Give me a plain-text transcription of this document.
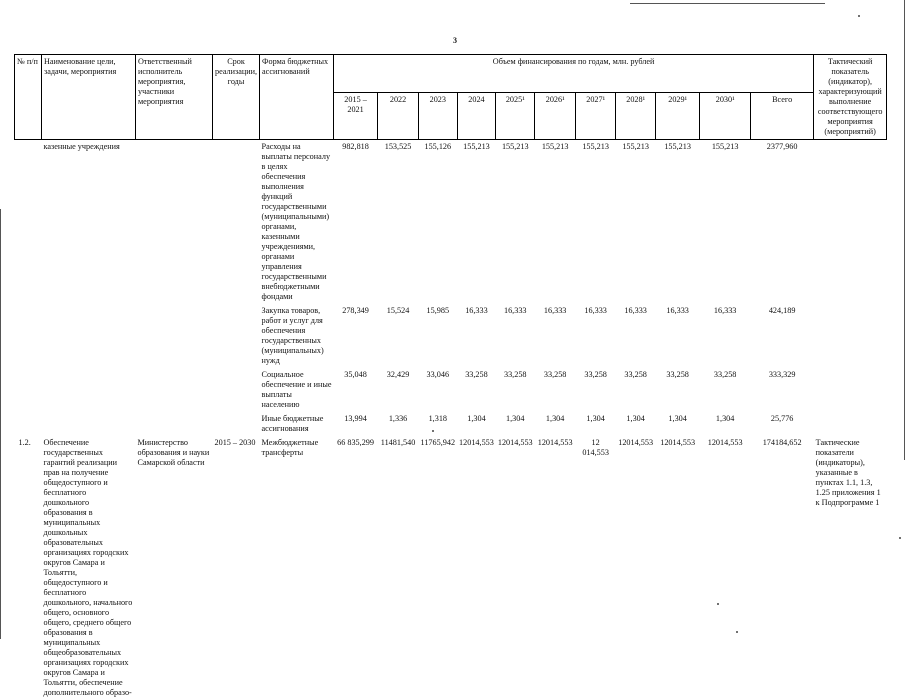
3
№ п/п	Наименование цели, задачи, мероприятия	Ответственный исполнитель мероприятия, участники мероприятия	Срок реализации, годы	Форма бюджетных ассигнований	Объем финансирования по годам, млн. рублей											Тактический показатель (индикатор), характеризующий выполнение соответствующего мероприятия (мероприятий)
					2015 – 2021	2022	2023	2024	2025¹	2026¹	2027¹	2028¹	2029¹	2030¹	Всего	
	казенные учреждения			Расходы на выплаты персоналу в целях обеспечения выполнения функций государственными (муниципальными) органами, казенными учреждениями, органами управления государственными внебюджетными фондами	982,818	153,525	155,126	155,213	155,213	155,213	155,213	155,213	155,213	155,213	2377,960	
				Закупка товаров, работ и услуг для обеспечения государственных (муниципальных) нужд	278,349	15,524	15,985	16,333	16,333	16,333	16,333	16,333	16,333	16,333	424,189	
				Социальное обеспечение и иные выплаты населению	35,048	32,429	33,046	33,258	33,258	33,258	33,258	33,258	33,258	33,258	333,329	
				Иные бюджетные ассигнования	13,994	1,336	1,318	1,304	1,304	1,304	1,304	1,304	1,304	1,304	25,776	
1.2.	Обеспечение государственных гарантий реализации прав на получение общедоступного и бесплатного дошкольного образования в муниципальных дошкольных образовательных организациях городских округов Самара и Тольятти, общедоступного и бесплатного дошкольного, начального общего, основного общего, среднего общего образования в муниципальных общеобразовательных организациях городских округов Самара и Тольятти, обеспечение дополнительного образо-	Министерство образования и науки Самарской области	2015 – 2030	Межбюджетные трансферты	66 835,299	11481,540	11765,942	12014,553	12014,553	12014,553	12 014,553	12014,553	12014,553	12014,553	174184,652	Тактические показатели (индикаторы), указанные в пунктах 1.1, 1.3, 1.25 приложения 1 к Подпрограмме 1
